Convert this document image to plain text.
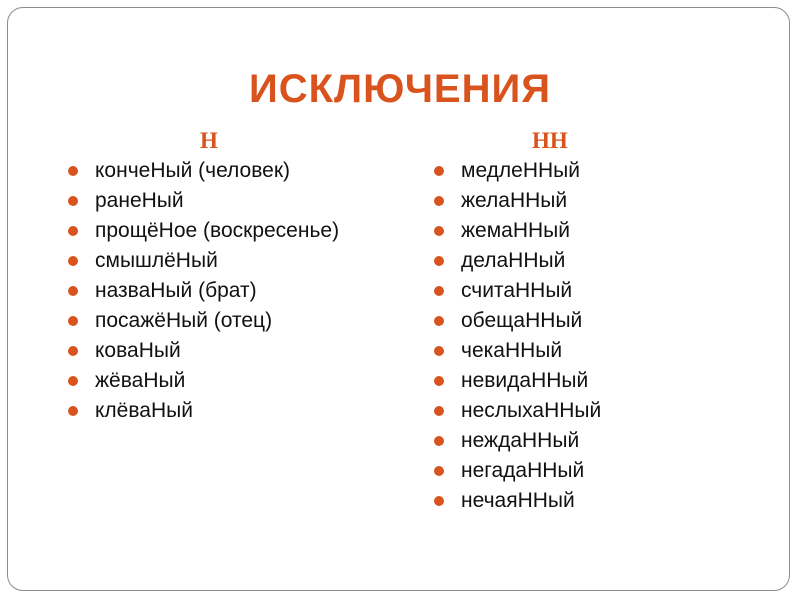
ИСКЛЮЧЕНИЯ
Н
кончеНый (человек)
ранеНый
прощёНое (воскресенье)
смышлёНый
назваНый (брат)
посажёНый (отец)
коваНый
жёваНый
клёваНый
НН
медлеННый
желаННый
жемаННый
делаННый
считаННый
обещаННый
чекаННый
невидаННый
неслыхаННый
неждаННый
негадаННый
нечаяННый
